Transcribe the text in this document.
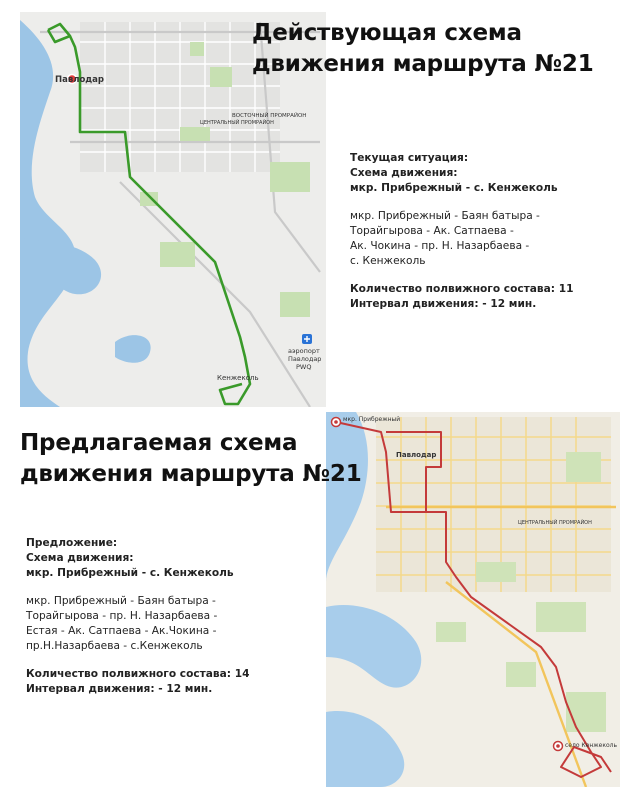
Павлодар
ВОСТОЧНЫЙ ПРОМРАЙОН
ЦЕНТРАЛЬНЫЙ ПРОМРАЙОН
аэропорт
Павлодар
PWQ
Кенжеколь
Действующая схема
движения маршрута №21
Текущая ситуация:
Схема движения:
мкр. Прибрежный - с. Кенжеколь
мкр. Прибрежный - Баян батыра -
Торайгырова - Ак. Сатпаева -
Ак. Чокина - пр. Н. Назарбаева -
с. Кенжеколь
Количество полвижного состава: 11
Интервал движения: - 12 мин.
мкр. Прибрежный
Павлодар
ЦЕНТРАЛЬНЫЙ ПРОМРАЙОН
село Кенжеколь
Предлагаемая схема
движения маршрута №21
Предложение:
Схема движения:
мкр. Прибрежный - с. Кенжеколь
мкр. Прибрежный - Баян батыра -
Торайгырова - пр. Н. Назарбаева -
Естая - Ак. Сатпаева - Ак.Чокина -
пр.Н.Назарбаева - с.Кенжеколь
Количество полвижного состава: 14
Интервал движения: - 12 мин.
